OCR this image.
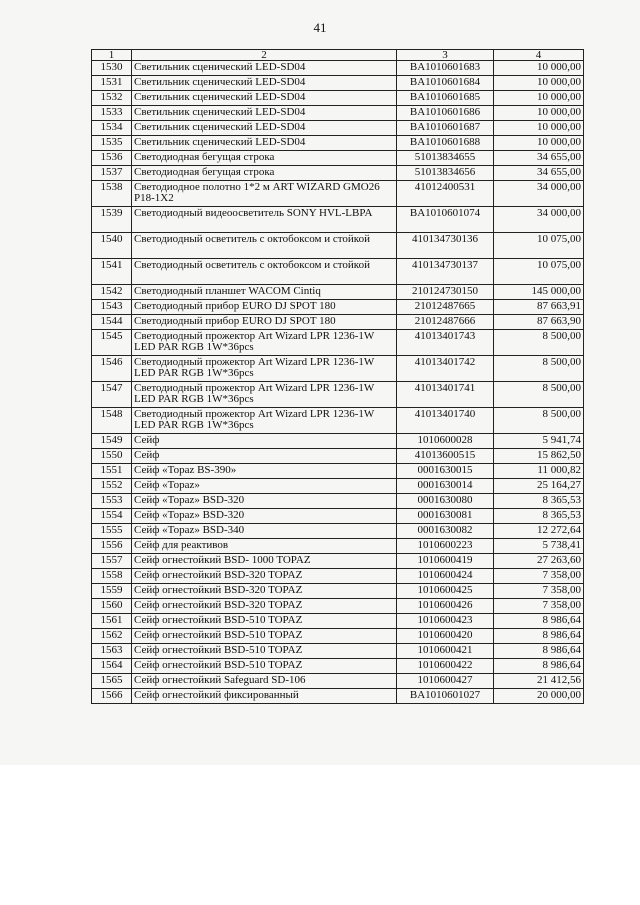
41
1	2	3	4
1530	Светильник сценический LED-SD04	BA1010601683	10 000,00
1531	Светильник сценический LED-SD04	BA1010601684	10 000,00
1532	Светильник сценический LED-SD04	BA1010601685	10 000,00
1533	Светильник сценический LED-SD04	BA1010601686	10 000,00
1534	Светильник сценический LED-SD04	BA1010601687	10 000,00
1535	Светильник сценический LED-SD04	BA1010601688	10 000,00
1536	Светодиодная бегущая строка	51013834655	34 655,00
1537	Светодиодная бегущая строка	51013834656	34 655,00
1538	Светодиодное полотно 1*2 м ART WIZARD GMO26 P18-1X2	41012400531	34 000,00
1539	Светодиодный видеоосветитель SONY HVL-LBPA	BA1010601074	34 000,00
1540	Светодиодный осветитель с октобоксом и стойкой	410134730136	10 075,00
1541	Светодиодный осветитель с октобоксом и стойкой	410134730137	10 075,00
1542	Светодиодный планшет WACOM Cintiq	210124730150	145 000,00
1543	Светодиодный прибор EURO DJ SPOT 180	21012487665	87 663,91
1544	Светодиодный прибор EURO DJ SPOT 180	21012487666	87 663,90
1545	Светодиодный прожектор Art Wizard LPR 1236-1W LED PAR RGB 1W*36pcs	41013401743	8 500,00
1546	Светодиодный прожектор Art Wizard LPR 1236-1W LED PAR RGB 1W*36pcs	41013401742	8 500,00
1547	Светодиодный прожектор Art Wizard LPR 1236-1W LED PAR RGB 1W*36pcs	41013401741	8 500,00
1548	Светодиодный прожектор Art Wizard LPR 1236-1W LED PAR RGB 1W*36pcs	41013401740	8 500,00
1549	Сейф	1010600028	5 941,74
1550	Сейф	41013600515	15 862,50
1551	Сейф «Topaz BS-390»	0001630015	11 000,82
1552	Сейф «Topaz»	0001630014	25 164,27
1553	Сейф «Topaz» BSD-320	0001630080	8 365,53
1554	Сейф «Topaz» BSD-320	0001630081	8 365,53
1555	Сейф «Topaz» BSD-340	0001630082	12 272,64
1556	Сейф для реактивов	1010600223	5 738,41
1557	Сейф огнестойкий BSD- 1000 TOPAZ	1010600419	27 263,60
1558	Сейф огнестойкий BSD-320 TOPAZ	1010600424	7 358,00
1559	Сейф огнестойкий BSD-320 TOPAZ	1010600425	7 358,00
1560	Сейф огнестойкий BSD-320 TOPAZ	1010600426	7 358,00
1561	Сейф огнестойкий BSD-510 TOPAZ	1010600423	8 986,64
1562	Сейф огнестойкий BSD-510 TOPAZ	1010600420	8 986,64
1563	Сейф огнестойкий BSD-510 TOPAZ	1010600421	8 986,64
1564	Сейф огнестойкий BSD-510 TOPAZ	1010600422	8 986,64
1565	Сейф огнестойкий Safeguard SD-106	1010600427	21 412,56
1566	Сейф огнестойкий фиксированный	BA1010601027	20 000,00
